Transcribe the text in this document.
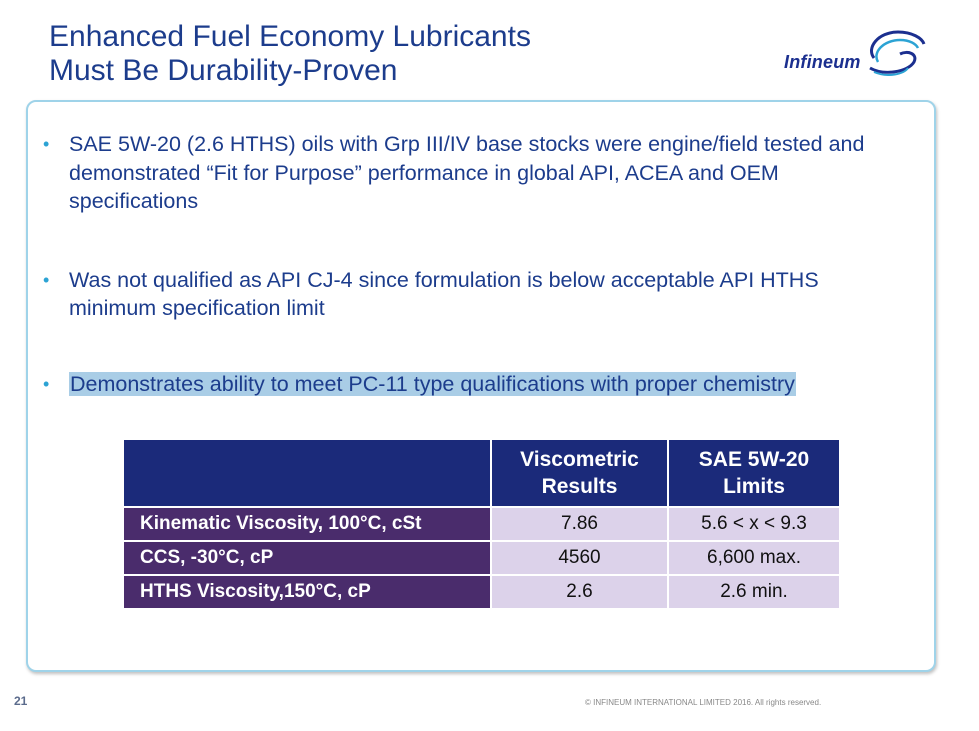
Enhanced Fuel Economy Lubricants
Must Be Durability-Proven	Infineum
• SAE 5W-20 (2.6 HTHS) oils with Grp III/IV base stocks were engine/field tested and demonstrated “Fit for Purpose” performance in global API, ACEA and OEM specifications
• Was not qualified as API CJ-4 since formulation is below acceptable API HTHS minimum specification limit
• Demonstrates ability to meet PC-11 type qualifications with proper chemistry
	Viscometric Results	SAE 5W-20 Limits
Kinematic Viscosity, 100°C, cSt	7.86	5.6 < x < 9.3
CCS, -30°C, cP	4560	6,600 max.
HTHS Viscosity,150°C, cP	2.6	2.6 min.
21	© INFINEUM INTERNATIONAL LIMITED 2016. All rights reserved.
